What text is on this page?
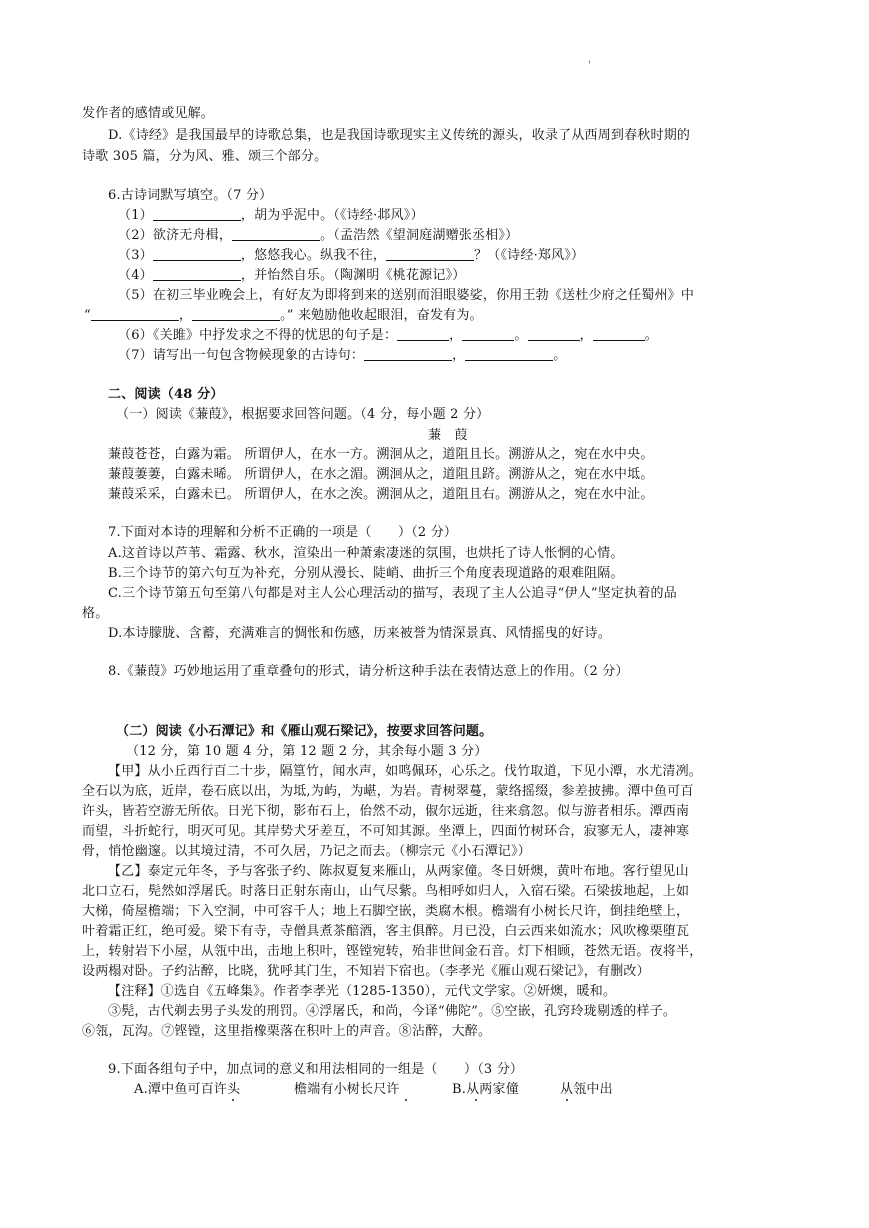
'
发作者的感情或见解。
D.《诗经》是我国最早的诗歌总集，也是我国诗歌现实主义传统的源头，收录了从西周到春秋时期的
诗歌 305 篇，分为风、雅、颂三个部分。
6.古诗词默写填空。（7 分）
（1）	，胡为乎泥中。（《诗经·邶风》）
（2）欲济无舟楫，	。（孟浩然《望洞庭湖赠张丞相》）
（3）	，悠悠我心。纵我不往，	？（《诗经·郑风》）
（4）	，并怡然自乐。（陶渊明《桃花源记》）
（5）在初三毕业晚会上，有好友为即将到来的送别而泪眼婆娑，你用王勃《送杜少府之任蜀州》中
“	，	。” 来勉励他收起眼泪，奋发有为。
（6）《关雎》中抒发求之不得的忧思的句子是：	，	。	，	。
（7）请写出一句包含物候现象的古诗句：	，	。
二、阅读（48 分）
（一）阅读《蒹葭》，根据要求回答问题。（4 分，每小题 2 分）
蒹　葭
蒹葭苍苍，白露为霜。 所谓伊人，在水一方。溯洄从之，道阻且长。溯游从之，宛在水中央。
蒹葭萋萋，白露未晞。 所谓伊人，在水之湄。溯洄从之，道阻且跻。溯游从之，宛在水中坻。
蒹葭采采，白露未已。 所谓伊人，在水之涘。溯洄从之，道阻且右。溯游从之，宛在水中沚。
7.下面对本诗的理解和分析不正确的一项是（　　）（2 分）
A.这首诗以芦苇、霜露、秋水，渲染出一种萧索凄迷的氛围，也烘托了诗人怅惘的心情。
B.三个诗节的第六句互为补充，分别从漫长、陡峭、曲折三个角度表现道路的艰难阻隔。
C.三个诗节第五句至第八句都是对主人公心理活动的描写，表现了主人公追寻“伊人”坚定执着的品
格。
D.本诗朦胧、含蓄，充满难言的惆怅和伤感，历来被誉为情深景真、风情摇曳的好诗。
8.《蒹葭》巧妙地运用了重章叠句的形式，请分析这种手法在表情达意上的作用。（2 分）
（二）阅读《小石潭记》和《雁山观石梁记》，按要求回答问题。
（12 分，第 10 题 4 分，第 12 题 2 分，其余每小题 3 分）
【甲】从小丘西行百二十步，隔篁竹，闻水声，如鸣佩环，心乐之。伐竹取道，下见小潭，水尤清冽。
全石以为底，近岸，卷石底以出，为坻,为屿，为嵁，为岩。青树翠蔓，蒙络摇缀，参差披拂。潭中鱼可百
许头，皆若空游无所依。日光下彻，影布石上，佁然不动，俶尔远逝，往来翕忽。似与游者相乐。潭西南
而望，斗折蛇行，明灭可见。其岸势犬牙差互，不可知其源。坐潭上，四面竹树环合，寂寥无人，凄神寒
骨，悄怆幽邃。以其境过清，不可久居，乃记之而去。（柳宗元《小石潭记》）
【乙】泰定元年冬，予与客张子约、陈叔夏复来雁山，从两家僮。冬日妍燠，黄叶布地。客行望见山
北口立石，髡然如浮屠氏。时落日正射东南山，山气尽紫。鸟相呼如归人，入宿石梁。石梁拔地起，上如
大梯，倚屋檐端；下入空洞，中可容千人；地上石脚空嵌，类腐木根。檐端有小树长尺许，倒挂绝壁上，
叶着霜正红，绝可爱。梁下有寺，寺僧具煮茶醅酒，客主俱醉。月已没，白云西来如流水；风吹橡栗堕瓦
上，转射岩下小屋，从瓴中出，击地上积叶，铿镗宛转，殆非世间金石音。灯下相顾，苍然无语。夜将半，
设两榻对卧。子约沾醉，比晓，犹呼其门生，不知岩下宿也。（李孝光《雁山观石梁记》，有删改）
【注释】①选自《五峰集》。作者李孝光（1285-1350），元代文学家。②妍燠，暖和。
③髡，古代剃去男子头发的刑罚。④浮屠氏，和尚，今译“佛陀”。⑤空嵌，孔窍玲珑剔透的样子。
⑥瓴，瓦沟。⑦铿镗，这里指橡栗落在积叶上的声音。⑧沾醉，大醉。
9.下面各组句子中，加点词的意义和用法相同的一组是（　　）（3 分）
A.潭中鱼可百许头	檐端有小树长尺许	B.从两家僮	从瓴中出
